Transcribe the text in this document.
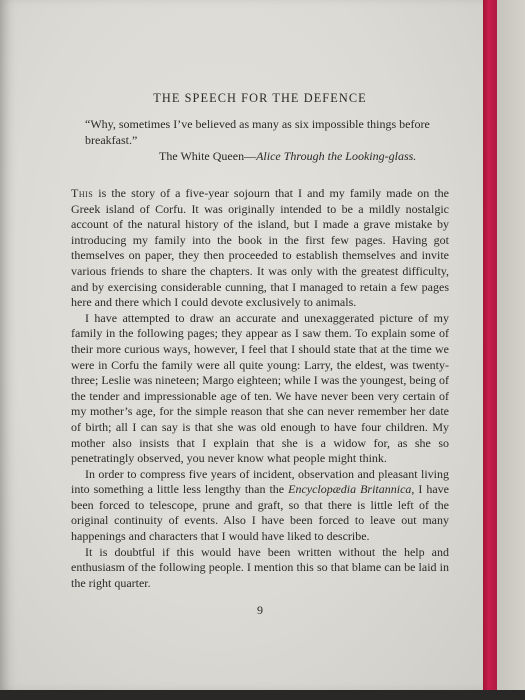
THE SPEECH FOR THE DEFENCE
“Why, sometimes I’ve believed as many as six impossible things before breakfast.”
The White Queen—Alice Through the Looking-glass.

This is the story of a five-year sojourn that I and my family made on the Greek island of Corfu. It was originally intended to be a mildly nostalgic account of the natural history of the island, but I made a grave mistake by introducing my family into the book in the first few pages. Having got themselves on paper, they then proceeded to establish themselves and invite various friends to share the chapters. It was only with the greatest difficulty, and by exercising considerable cunning, that I managed to retain a few pages here and there which I could devote exclusively to animals.

I have attempted to draw an accurate and unexaggerated picture of my family in the following pages; they appear as I saw them. To explain some of their more curious ways, however, I feel that I should state that at the time we were in Corfu the family were all quite young: Larry, the eldest, was twenty-three; Leslie was nineteen; Margo eighteen; while I was the youngest, being of the tender and impressionable age of ten. We have never been very certain of my mother’s age, for the simple reason that she can never remember her date of birth; all I can say is that she was old enough to have four children. My mother also insists that I explain that she is a widow for, as she so penetratingly observed, you never know what people might think.

In order to compress five years of incident, observation and pleasant living into something a little less lengthy than the Encyclopædia Britannica, I have been forced to telescope, prune and graft, so that there is little left of the original continuity of events. Also I have been forced to leave out many happenings and characters that I would have liked to describe.

It is doubtful if this would have been written without the help and enthusiasm of the following people. I mention this so that blame can be laid in the right quarter.

9
